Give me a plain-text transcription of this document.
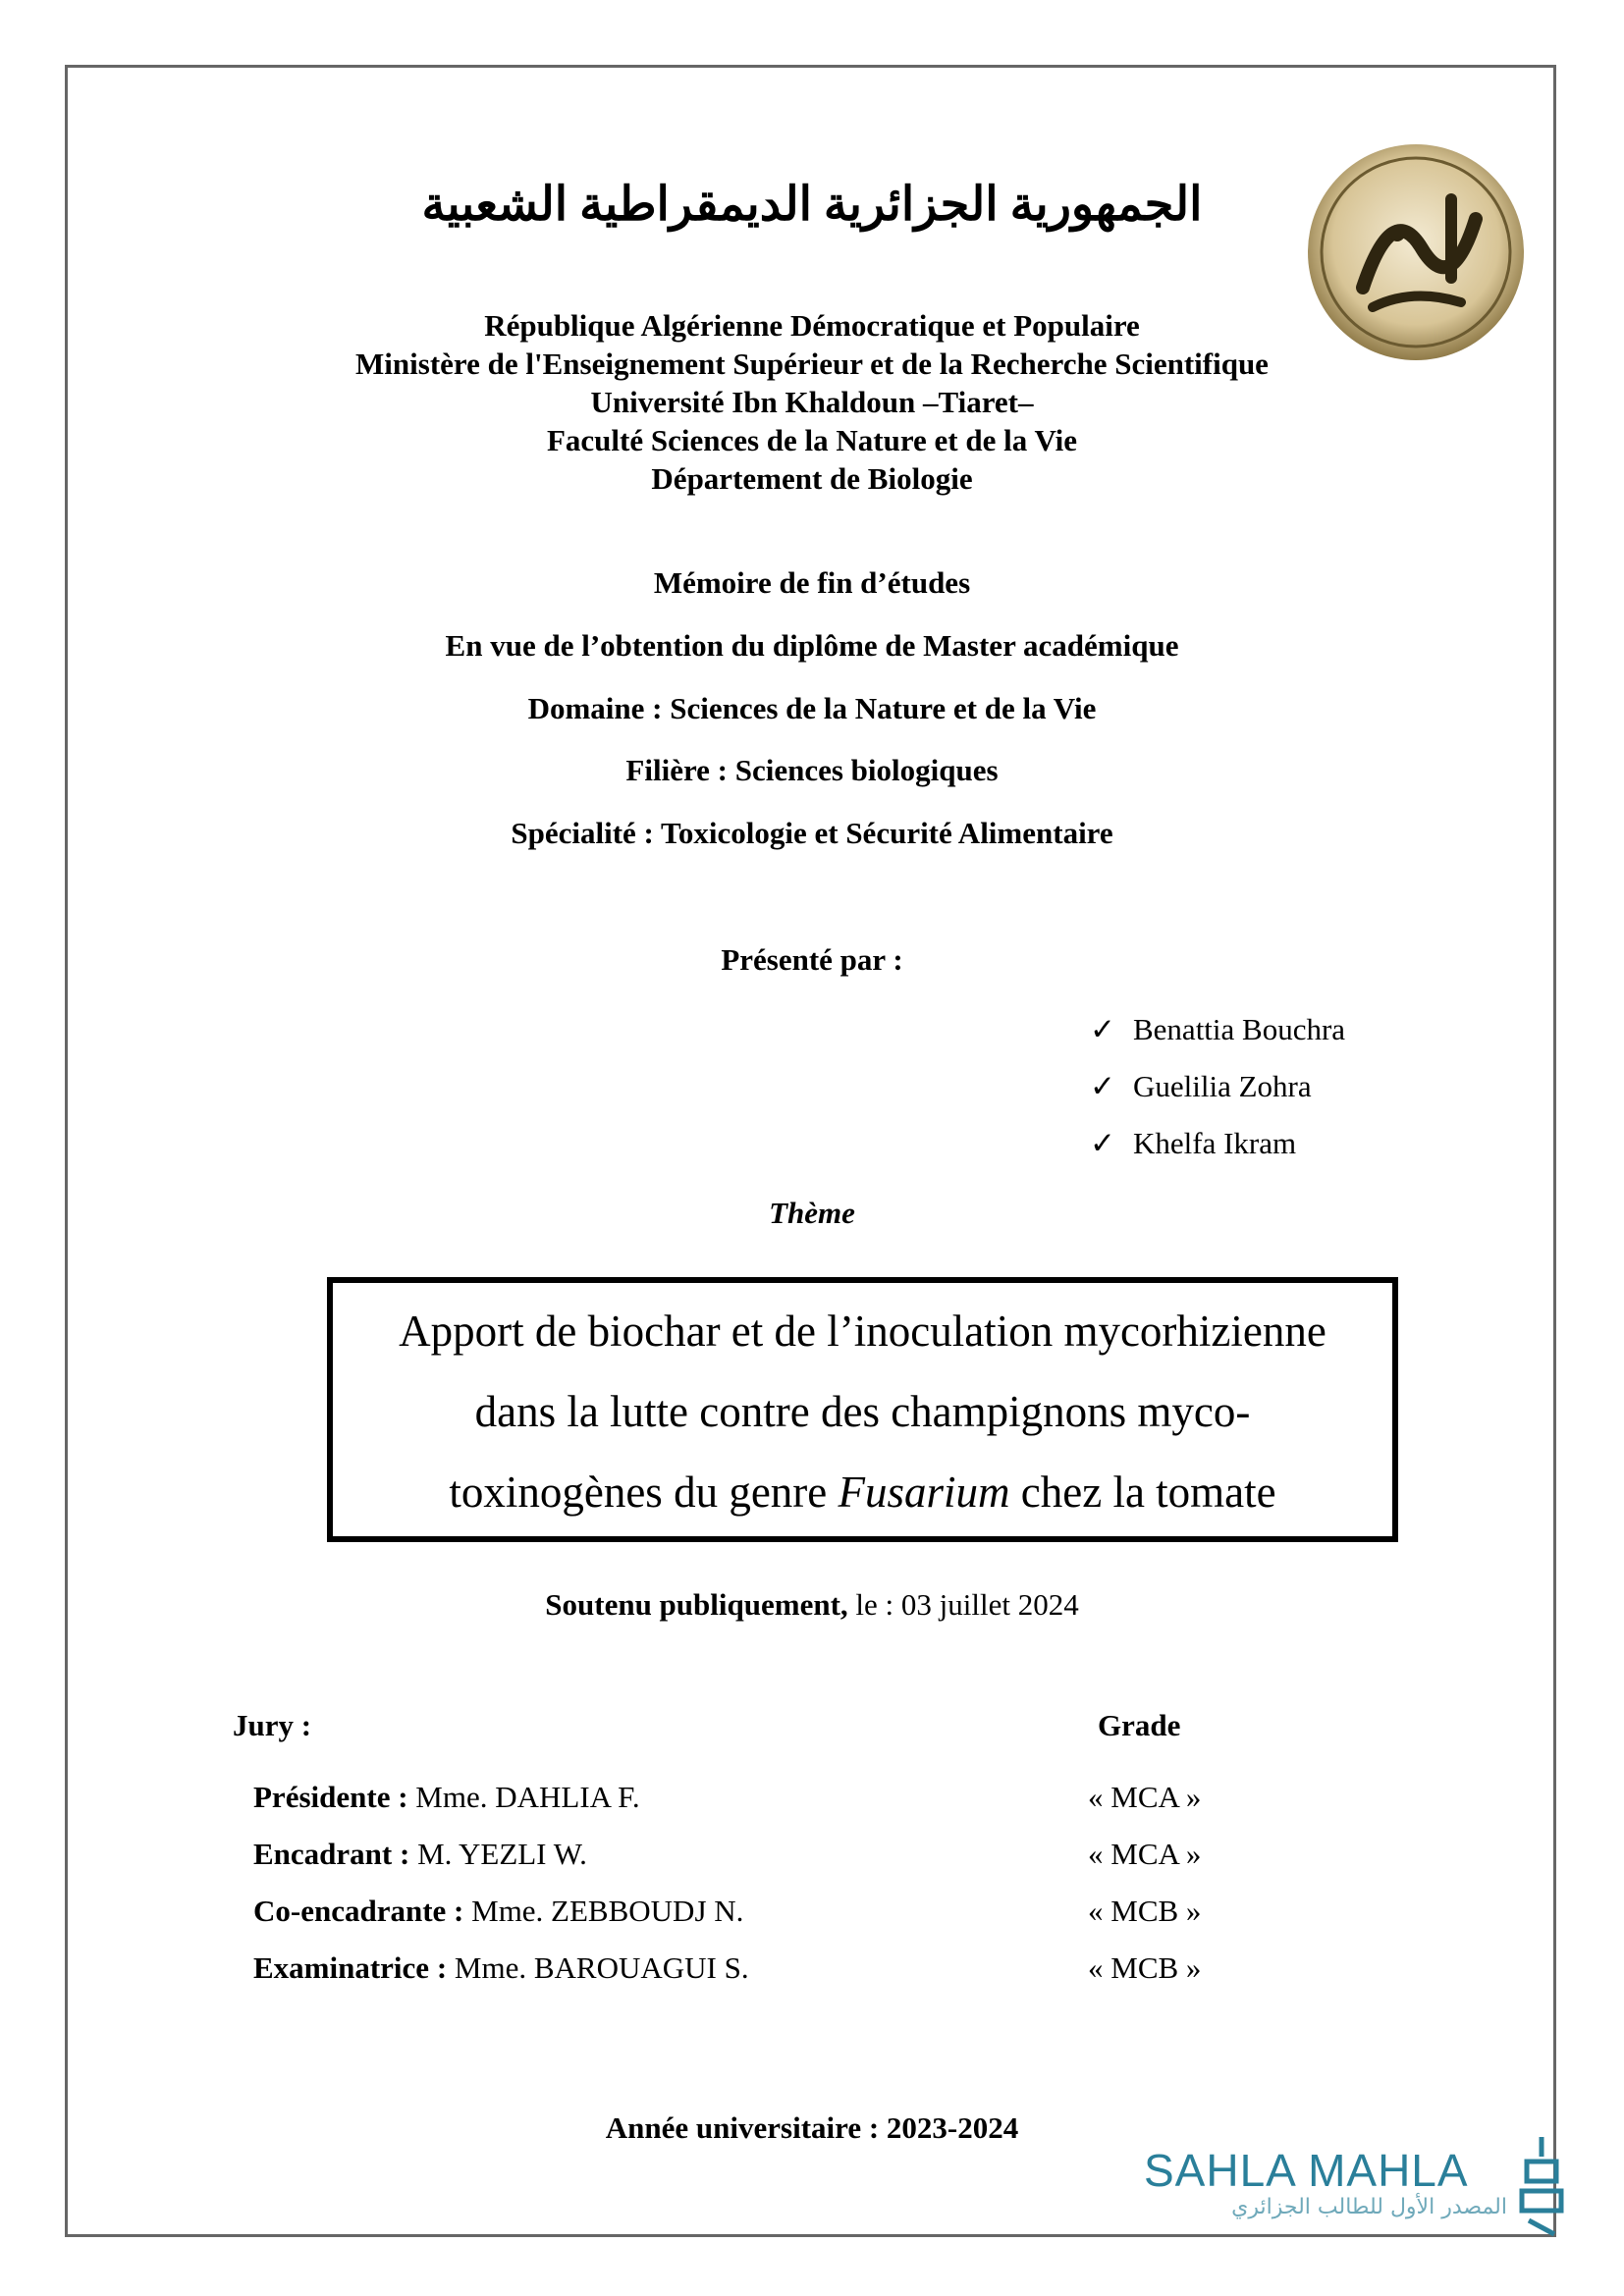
الجمهورية الجزائرية الديمقراطية الشعبية
République Algérienne Démocratique et Populaire
Ministère de l'Enseignement Supérieur et de la Recherche Scientifique
Université Ibn Khaldoun –Tiaret–
Faculté Sciences de la Nature et de la Vie
Département de Biologie
Mémoire de fin d’études
En vue de l’obtention du diplôme de Master académique
Domaine : Sciences de la Nature et de la Vie
Filière : Sciences biologiques
Spécialité : Toxicologie et Sécurité Alimentaire
Présenté par :
✓ Benattia Bouchra
✓ Guelilia Zohra
✓ Khelfa Ikram
Thème
Apport de biochar et de l’inoculation mycorhizienne
dans la lutte contre des champignons myco-
toxinogènes du genre Fusarium chez la tomate
Soutenu publiquement, le : 03 juillet 2024
Jury :	Grade
Présidente : Mme. DAHLIA F.	« MCA »
Encadrant : M. YEZLI W.	« MCA »
Co-encadrante : Mme. ZEBBOUDJ N.	« MCB »
Examinatrice : Mme. BAROUAGUI S.	« MCB »
Année universitaire : 2023-2024
SAHLA MAHLA
المصدر الأول للطالب الجزائري
